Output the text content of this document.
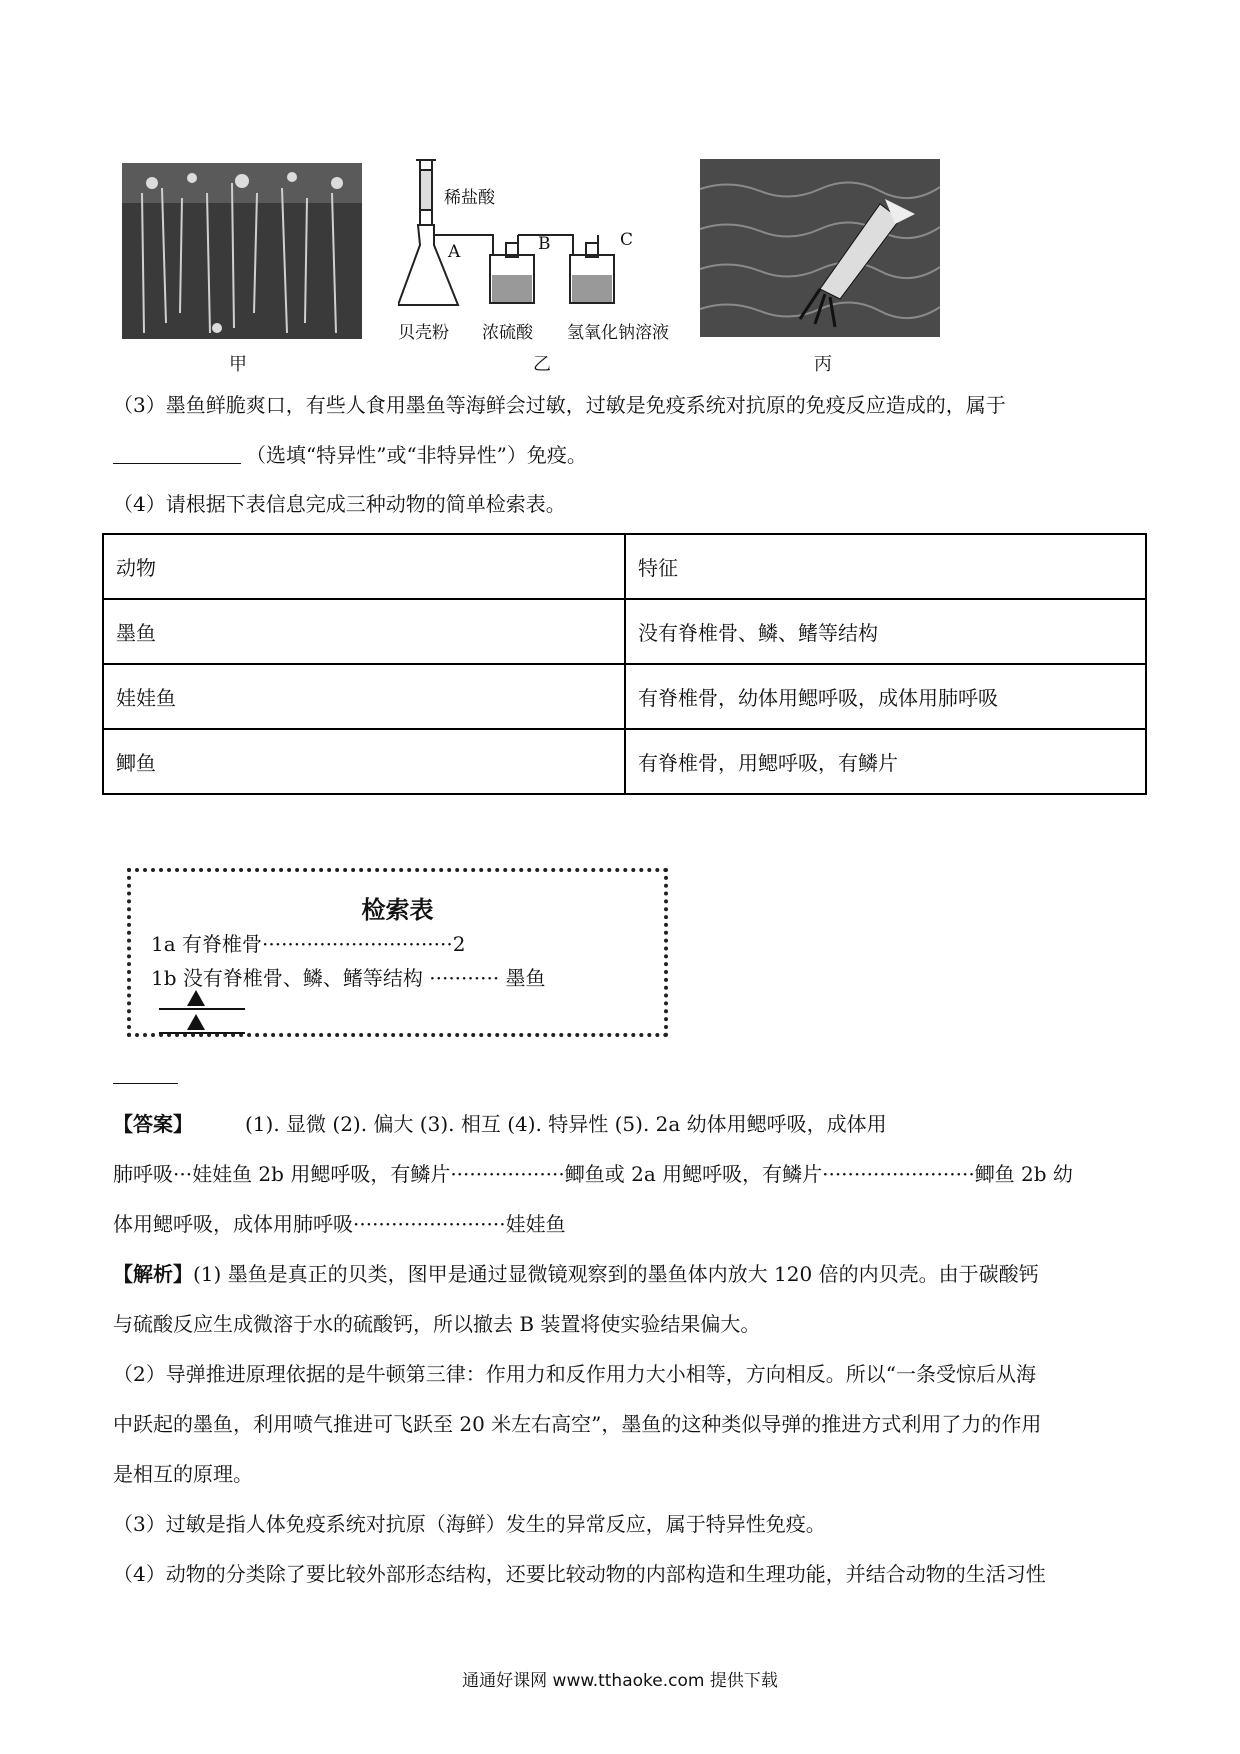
甲
稀盐酸
A	B	C
贝壳粉 浓硫酸 氢氧化钠溶液
乙	丙
（3）墨鱼鲜脆爽口，有些人食用墨鱼等海鲜会过敏，过敏是免疫系统对抗原的免疫反应造成的，属于
（选填“特异性”或“非特异性”）免疫。
（4）请根据下表信息完成三种动物的简单检索表。
动物	特征
墨鱼	没有脊椎骨、鳞、鳍等结构
娃娃鱼	有脊椎骨，幼体用鳃呼吸，成体用肺呼吸
鲫鱼	有脊椎骨，用鳃呼吸，有鳞片
检索表
1a 有脊椎骨······························2
1b 没有脊椎骨、鳞、鳍等结构 ··········· 墨鱼
【答案】	(1). 显微 (2). 偏大 (3). 相互 (4). 特异性 (5). 2a 幼体用鳃呼吸，成体用
肺呼吸···娃娃鱼 2b 用鳃呼吸，有鳞片··················鲫鱼或 2a 用鳃呼吸，有鳞片························鲫鱼 2b 幼
体用鳃呼吸，成体用肺呼吸························娃娃鱼
【解析】 (1) 墨鱼是真正的贝类，图甲是通过显微镜观察到的墨鱼体内放大 120 倍的内贝壳。由于碳酸钙
与硫酸反应生成微溶于水的硫酸钙，所以撤去 B 装置将使实验结果偏大。
（2）导弹推进原理依据的是牛顿第三律：作用力和反作用力大小相等，方向相反。所以“一条受惊后从海
中跃起的墨鱼，利用喷气推进可飞跃至 20 米左右高空”，墨鱼的这种类似导弹的推进方式利用了力的作用
是相互的原理。
（3）过敏是指人体免疫系统对抗原（海鲜）发生的异常反应，属于特异性免疫。
（4）动物的分类除了要比较外部形态结构，还要比较动物的内部构造和生理功能，并结合动物的生活习性
通通好课网 www.tthaoke.com 提供下载
